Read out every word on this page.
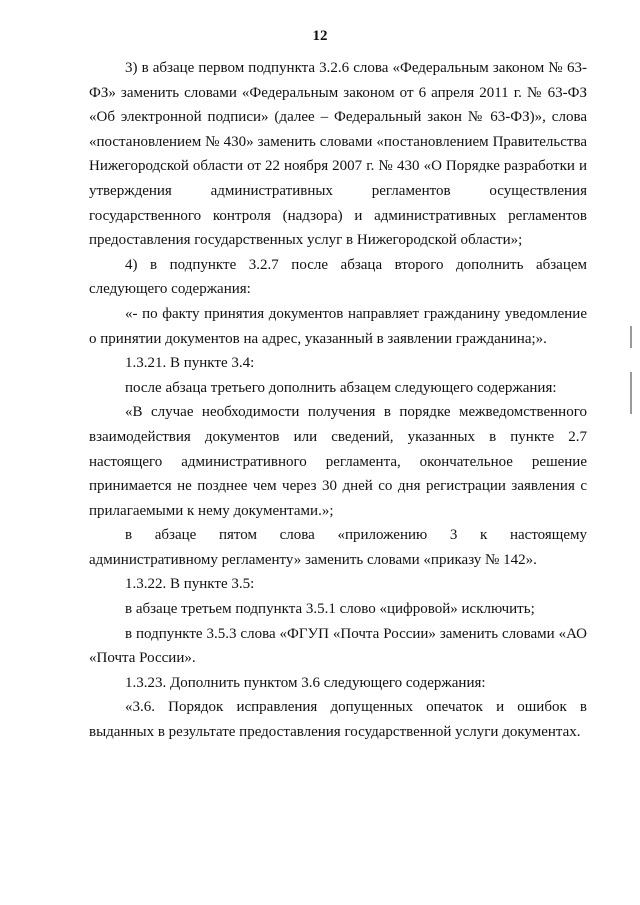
12

3) в абзаце первом подпункта 3.2.6 слова «Федеральным законом № 63-ФЗ» заменить словами «Федеральным законом от 6 апреля 2011 г. № 63-ФЗ «Об электронной подписи» (далее – Федеральный закон № 63-ФЗ)», слова «постановлением № 430» заменить словами «постановлением Правительства Нижегородской области от 22 ноября 2007 г. № 430 «О Порядке разработки и утверждения административных регламентов осуществления государственного контроля (надзора) и административных регламентов предоставления государственных услуг в Нижегородской области»;

4) в подпункте 3.2.7 после абзаца второго дополнить абзацем следующего содержания:

«- по факту принятия документов направляет гражданину уведомление о принятии документов на адрес, указанный в заявлении гражданина;».

1.3.21. В пункте 3.4:

после абзаца третьего дополнить абзацем следующего содержания:

«В случае необходимости получения в порядке межведомственного взаимодействия документов или сведений, указанных в пункте 2.7 настоящего административного регламента, окончательное решение принимается не позднее чем через 30 дней со дня регистрации заявления с прилагаемыми к нему документами.»;

в абзаце пятом слова «приложению 3 к настоящему административному регламенту» заменить словами «приказу № 142».

1.3.22. В пункте 3.5:

в абзаце третьем подпункта 3.5.1 слово «цифровой» исключить;

в подпункте 3.5.3 слова «ФГУП «Почта России» заменить словами «АО «Почта России».

1.3.23. Дополнить пунктом 3.6 следующего содержания:

«3.6. Порядок исправления допущенных опечаток и ошибок в выданных в результате предоставления государственной услуги документах.
